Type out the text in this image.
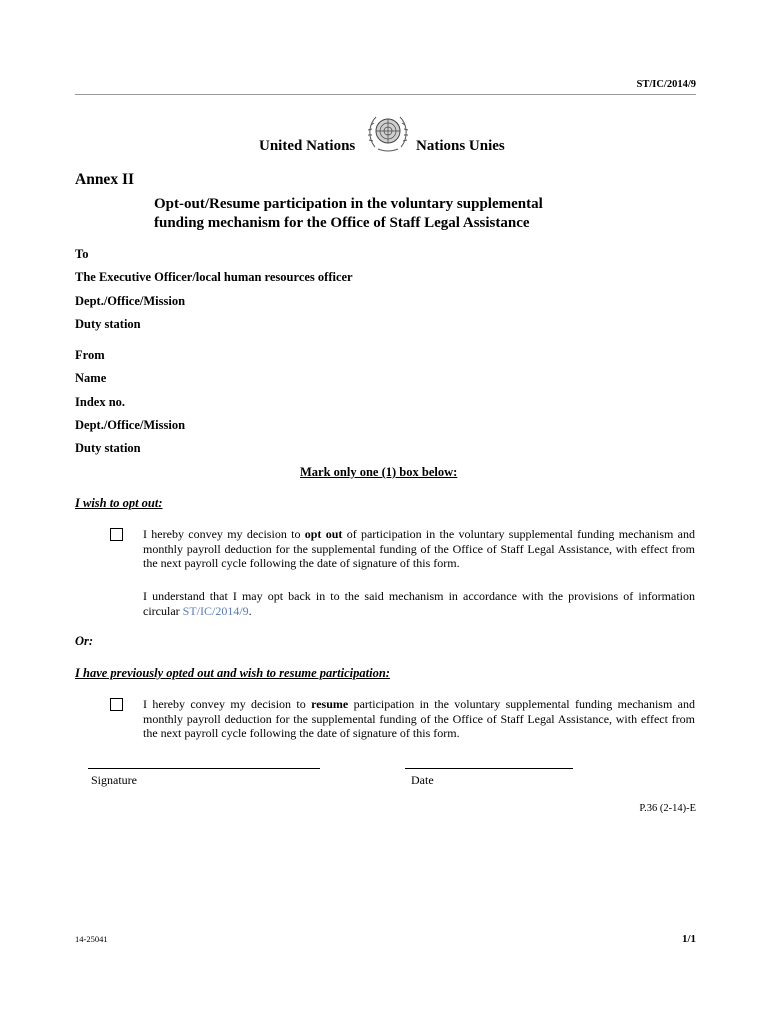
ST/IC/2014/9
United Nations	Nations Unies
Annex II
Opt-out/Resume participation in the voluntary supplemental
funding mechanism for the Office of Staff Legal Assistance
To
The Executive Officer/local human resources officer
Dept./Office/Mission
Duty station
From
Name
Index no.
Dept./Office/Mission
Duty station
Mark only one (1) box below:
I wish to opt out:
I hereby convey my decision to opt out of participation in the voluntary supplemental funding mechanism and monthly payroll deduction for the supplemental funding of the Office of Staff Legal Assistance, with effect from the next payroll cycle following the date of signature of this form.
I understand that I may opt back in to the said mechanism in accordance with the provisions of information circular ST/IC/2014/9.
Or:
I have previously opted out and wish to resume participation:
I hereby convey my decision to resume participation in the voluntary supplemental funding mechanism and monthly payroll deduction for the supplemental funding of the Office of Staff Legal Assistance, with effect from the next payroll cycle following the date of signature of this form.
Signature	Date
P.36 (2-14)-E
14-25041	1/1
